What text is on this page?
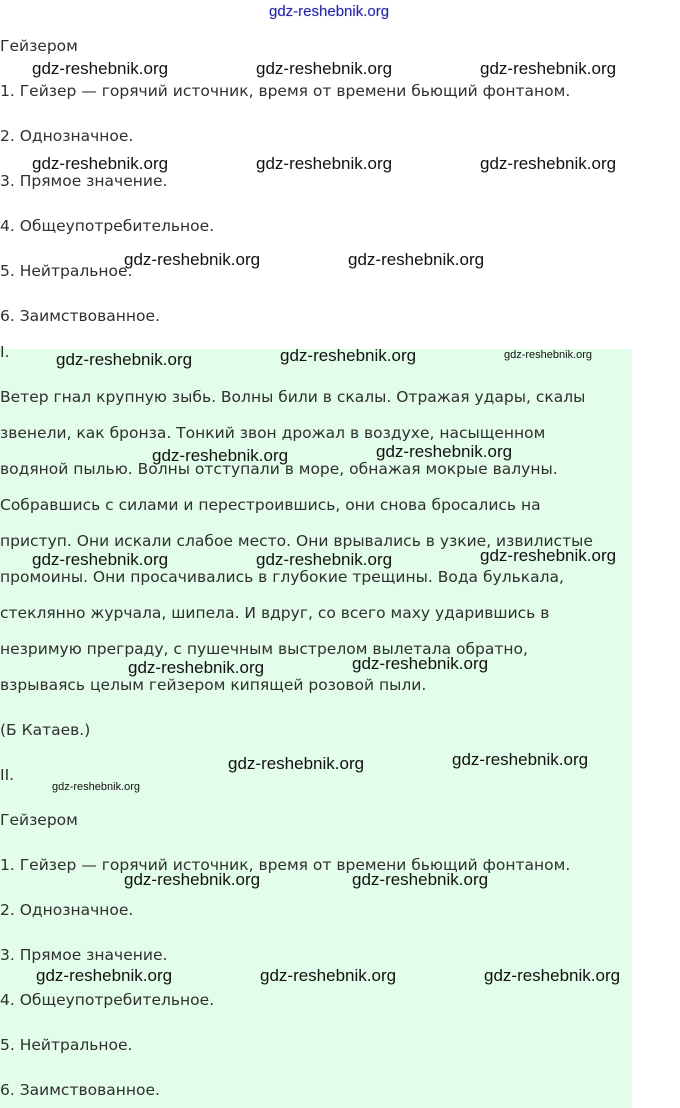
gdz-reshebnik.org
Гейзером
1. Гейзер — горячий источник, время от времени бьющий фонтаном.
2. Однозначное.
3. Прямое значение.
4. Общеупотребительное.
5. Нейтральное.
6. Заимствованное.
I.
Ветер гнал крупную зыбь. Волны били в скалы. Отражая удары, скалы
звенели, как бронза. Тонкий звон дрожал в воздухе, насыщенном
водяной пылью. Волны отступали в море, обнажая мокрые валуны.
Собравшись с силами и перестроившись, они снова бросались на
приступ. Они искали слабое место. Они врывались в узкие, извилистые
промоины. Они просачивались в глубокие трещины. Вода булькала,
стеклянно журчала, шипела. И вдруг, со всего маху ударившись в
незримую преграду, с пушечным выстрелом вылетала обратно,
взрываясь целым гейзером кипящей розовой пыли.
(Б Катаев.)
II.
Гейзером
1. Гейзер — горячий источник, время от времени бьющий фонтаном.
2. Однозначное.
3. Прямое значение.
4. Общеупотребительное.
5. Нейтральное.
6. Заимствованное.
gdz-reshebnik.org	gdz-reshebnik.org	gdz-reshebnik.org
gdz-reshebnik.org	gdz-reshebnik.org	gdz-reshebnik.org
gdz-reshebnik.org	gdz-reshebnik.org
gdz-reshebnik.org	gdz-reshebnik.org	gdz-reshebnik.org
gdz-reshebnik.org	gdz-reshebnik.org
gdz-reshebnik.org	gdz-reshebnik.org	gdz-reshebnik.org
gdz-reshebnik.org	gdz-reshebnik.org
gdz-reshebnik.org	gdz-reshebnik.org
gdz-reshebnik.org
gdz-reshebnik.org	gdz-reshebnik.org
gdz-reshebnik.org	gdz-reshebnik.org	gdz-reshebnik.org
